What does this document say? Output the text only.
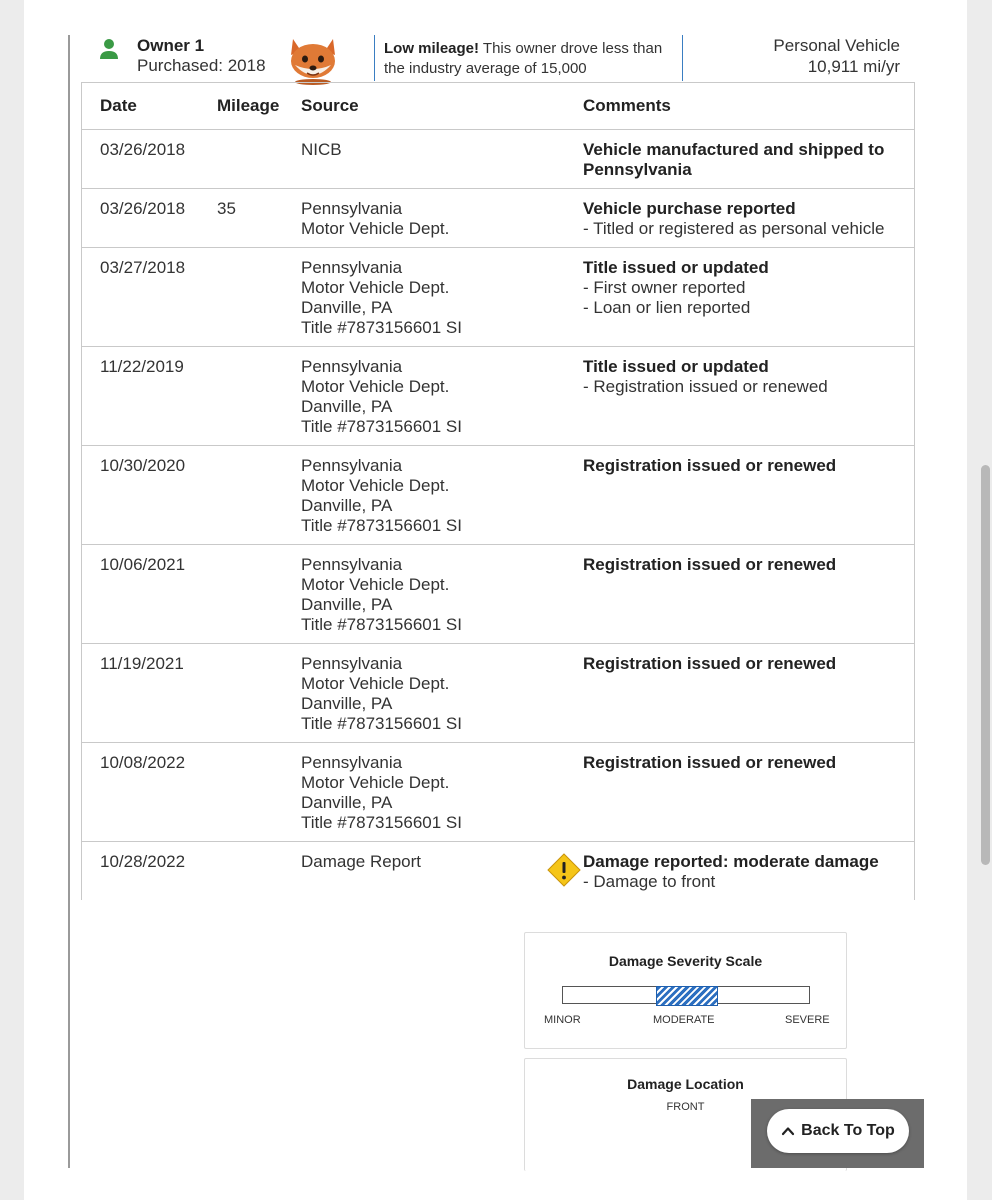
Owner 1
Purchased: 2018
Low mileage! This owner drove less than the industry average of 15,000
Personal Vehicle
10,911 mi/yr
Date	Mileage	Source		Comments
03/26/2018		NICB		Vehicle manufactured and shipped to Pennsylvania

03/26/2018	35	Pennsylvania
Motor Vehicle Dept.		Vehicle purchase reported
- Titled or registered as personal vehicle

03/27/2018		Pennsylvania
Motor Vehicle Dept.
Danville, PA
Title #7873156601 SI		Title issued or updated
- First owner reported
- Loan or lien reported

11/22/2019		Pennsylvania
Motor Vehicle Dept.
Danville, PA
Title #7873156601 SI		Title issued or updated
- Registration issued or renewed

10/30/2020		Pennsylvania
Motor Vehicle Dept.
Danville, PA
Title #7873156601 SI		Registration issued or renewed

10/06/2021		Pennsylvania
Motor Vehicle Dept.
Danville, PA
Title #7873156601 SI		Registration issued or renewed

11/19/2021		Pennsylvania
Motor Vehicle Dept.
Danville, PA
Title #7873156601 SI		Registration issued or renewed

10/08/2022		Pennsylvania
Motor Vehicle Dept.
Danville, PA
Title #7873156601 SI		Registration issued or renewed

10/28/2022		Damage Report		Damage reported: moderate damage
- Damage to front
Damage Severity Scale
MINOR	MODERATE	SEVERE
Damage Location
FRONT
Back To Top
